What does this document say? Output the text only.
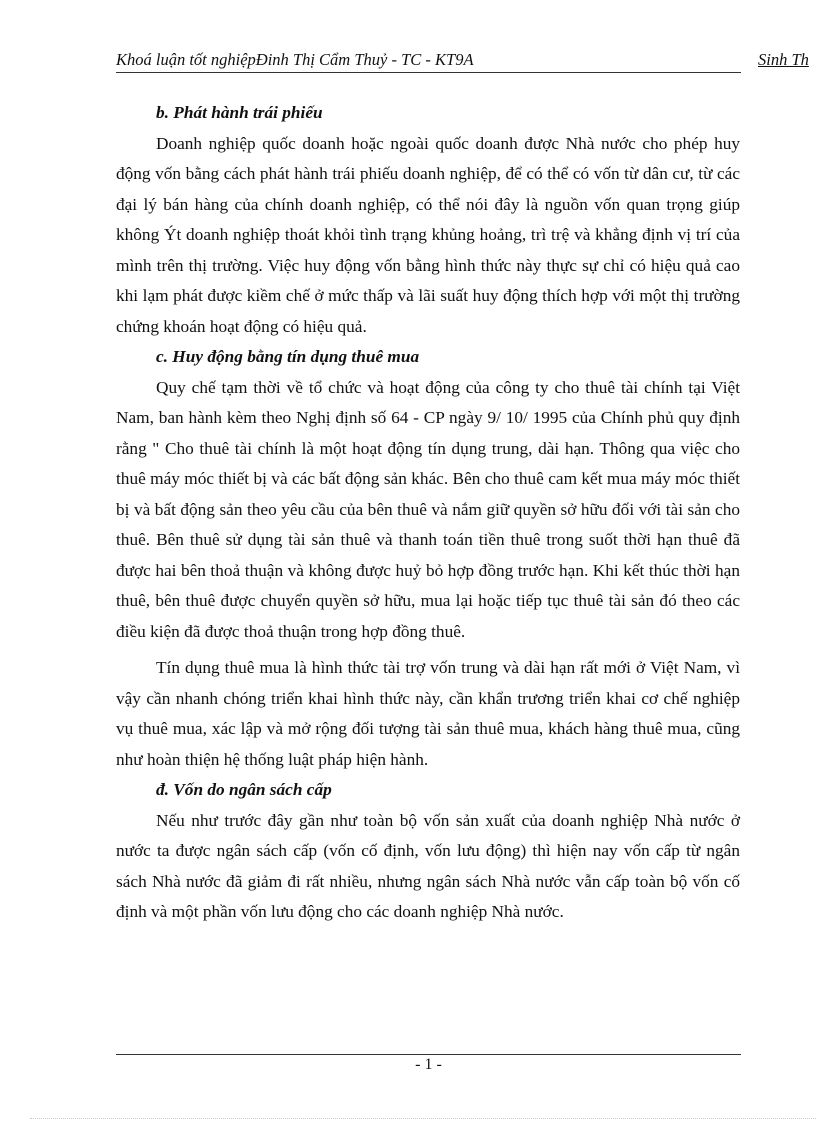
Khoá luận tốt nghiệpĐinh Thị Cẩm Thuỷ - TC - KT9A	Sinh Th

b. Phát hành trái phiếu

Doanh nghiệp quốc doanh hoặc ngoài quốc doanh được Nhà nước cho phép huy động vốn bằng cách phát hành trái phiếu doanh nghiệp, để có thể có vốn từ dân cư, từ các đại lý bán hàng của chính doanh nghiệp, có thể nói đây là nguồn vốn quan trọng giúp không Ýt doanh nghiệp thoát khỏi tình trạng khủng hoảng, trì trệ và khẳng định vị trí của mình trên thị trường. Việc huy động vốn bằng hình thức này thực sự chỉ có hiệu quả cao khi lạm phát được kiềm chế ở mức thấp và lãi suất huy động thích hợp với một thị trường chứng khoán hoạt động có hiệu quả.

c. Huy động bằng tín dụng thuê mua

Quy chế tạm thời về tổ chức và hoạt động của công ty cho thuê tài chính tại Việt Nam, ban hành kèm theo Nghị định số 64 - CP ngày 9/ 10/ 1995 của Chính phủ quy định rằng " Cho thuê tài chính là một hoạt động tín dụng trung, dài hạn. Thông qua việc cho thuê máy móc thiết bị và các bất động sản khác. Bên cho thuê cam kết mua máy móc thiết bị và bất động sản theo yêu cầu của bên thuê và nắm giữ quyền sở hữu đối với tài sản cho thuê. Bên thuê sử dụng tài sản thuê và thanh toán tiền thuê trong suốt thời hạn thuê đã được hai bên thoả thuận và không được huỷ bỏ hợp đồng trước hạn. Khi kết thúc thời hạn thuê, bên thuê được chuyển quyền sở hữu, mua lại hoặc tiếp tục thuê tài sản đó theo các điều kiện đã được thoả thuận trong hợp đồng thuê.

Tín dụng thuê mua là hình thức tài trợ vốn trung và dài hạn rất mới ở Việt Nam, vì vậy cần nhanh chóng triển khai hình thức này, cần khẩn trương triển khai cơ chế nghiệp vụ thuê mua, xác lập và mở rộng đối tượng tài sản thuê mua, khách hàng thuê mua, cũng như hoàn thiện hệ thống luật pháp hiện hành.

đ. Vốn do ngân sách cấp

Nếu như trước đây gần như toàn bộ vốn sản xuất của doanh nghiệp Nhà nước ở nước ta được ngân sách cấp (vốn cố định, vốn lưu động) thì hiện nay vốn cấp từ ngân sách Nhà nước đã giảm đi rất nhiều, nhưng ngân sách Nhà nước vẫn cấp toàn bộ vốn cố định và một phần vốn lưu động cho các doanh nghiệp Nhà nước.

- 1 -
